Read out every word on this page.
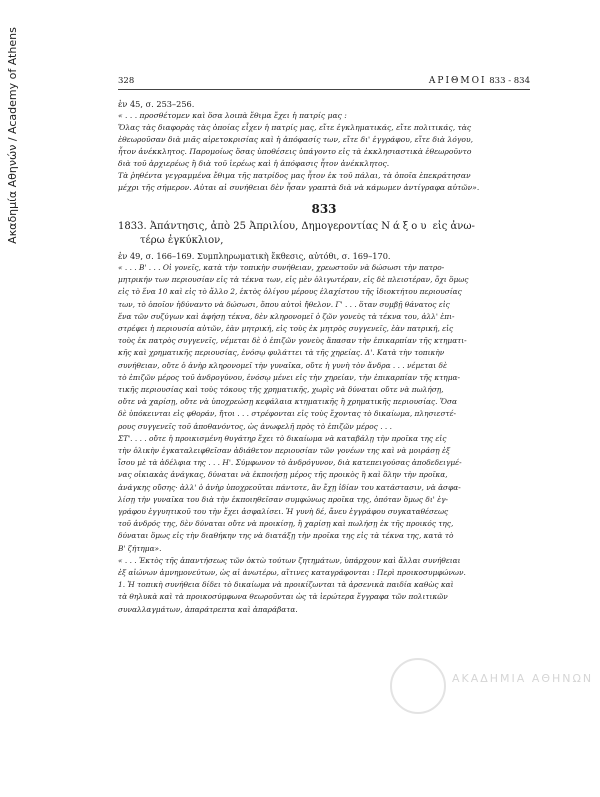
Ακαδημία Αθηνών / Academy of Athens	328	ΑΡΙΘΜΟΙ 833 - 834
ἐν 45, σ. 253–256.

« . . . προσθέτομεν καὶ ὅσα λοιπὰ ἔθιμα ἔχει ἡ πατρίς μας :

Ὅλας τὰς διαφορὰς τὰς ὁποίας εἶχεν ἡ πατρίς μας, εἴτε ἐγκληματικάς, εἴτε πολιτικάς, τὰς

ἐθεωροῦσαν διὰ μιᾶς αἱρετοκρισίας καὶ ἡ ἀπόφασίς των, εἴτε δι' ἐγγράφου, εἴτε διὰ λόγου,

ἦτον ἀνέκκλητος. Παρομοίως ὅσας ὑποθέσεις ὑπάγοντο εἰς τὰ ἐκκλησιαστικὰ ἐθεωροῦντο

διὰ τοῦ ἀρχιερέως ἢ διὰ τοῦ ἱερέως καὶ ἡ ἀπόφασις ἦτον ἀνέκκλητος.

Τὰ ῥηθέντα γεγραμμένα ἔθιμα τῆς πατρίδος μας ἦτον ἐκ τοῦ πάλαι, τὰ ὁποῖα ἐπεκράτησαν

μέχρι τῆς σήμερον. Αὐται αἱ συνήθειαι δὲν ἦσαν γραπτὰ διὰ νὰ κάμωμεν ἀντίγραφα αὐτῶν».

833

1833. Ἀπάντησις, ἀπὸ 25 Ἀπριλίου, Δημογεροντίας Νάξου εἰς ἀνω-

τέρω ἐγκύκλιον,

ἐν 49, σ. 166–169. Συμπληρωματικὴ ἔκθεσις, αὐτόθι, σ. 169–170.

« . . . Β' . . . Οἱ γονεῖς, κατὰ τὴν τοπικὴν συνήθειαν, χρεωστοῦν νὰ δώσωσι τὴν πατρο-

μητρικήν των περιουσίαν εἰς τὰ τέκνα των, εἰς μὲν ὀλιγωτέραν, εἰς δὲ πλειοτέραν, ὄχι ὅμως

εἰς τὸ ἕνα 10 καὶ εἰς τὸ ἄλλο 2, ἐκτὸς ὀλίγου μέρους ἐλαχίστου τῆς ἰδιοκτήτου περιουσίας

των, τὸ ὁποῖον ἠδύναντο νὰ δώσωσι, ὅπου αὐτοὶ ἤθελον. Γ' . . . ὅταν συμβῇ θάνατος εἰς

ἕνα τῶν συζύγων καὶ ἀφήσῃ τέκνα, δὲν κληρονομεῖ ὁ ζῶν γονεὺς τὰ τέκνα του, ἀλλ' ἐπι-

στρέφει ἡ περιουσία αὐτῶν, ἐὰν μητρική, εἰς τοὺς ἐκ μητρὸς συγγενεῖς, ἐὰν πατρική, εἰς

τοὺς ἐκ πατρὸς συγγενεῖς, νέμεται δὲ ὁ ἐπιζῶν γονεὺς ἅπασαν τὴν ἐπικαρπίαν τῆς κτηματι-

κῆς καὶ χρηματικῆς περιουσίας, ἐνόσῳ φυλάττει τὰ τῆς χηρείας. Δ'. Κατὰ τὴν τοπικὴν

συνήθειαν, οὔτε ὁ ἀνὴρ κληρονομεῖ τὴν γυναῖκα, οὔτε ἡ γυνὴ τὸν ἄνδρα . . . νέμεται δὲ

τὸ ἐπιζῶν μέρος τοῦ ἀνδρογύνου, ἐνόσῳ μένει εἰς τὴν χηρείαν, τὴν ἐπικαρπίαν τῆς κτημα-

τικῆς περιουσίας καὶ τοὺς τόκους τῆς χρηματικῆς, χωρὶς νὰ δύναται οὔτε νὰ πωλήσῃ,

οὔτε νὰ χαρίσῃ, οὔτε νὰ ὑποχρεώσῃ κεφάλαια κτηματικῆς ἢ χρηματικῆς περιουσίας. Ὅσα

δὲ ὑπόκεινται εἰς φθοράν, ἤτοι . . . στρέφονται εἰς τοὺς ἔχοντας τὸ δικαίωμα, πλησιεστέ-

ρους συγγενεῖς τοῦ ἀποθανόντος, ὡς ἀνωφελῆ πρὸς τὸ ἐπιζῶν μέρος . . .

ΣΤ'. . . . οὔτε ἡ προικισμένη θυγάτηρ ἔχει τὸ δικαίωμα νὰ καταβάλῃ τὴν προῖκα της εἰς

τὴν ὁλικὴν ἐγκαταλειφθεῖσαν ἀδιάθετον περιουσίαν τῶν γονέων της καὶ νὰ μοιράσῃ ἐξ

ἴσου μὲ τὰ ἀδέλφια της . . . Η'. Σύμφωνον τὸ ἀνδρόγυνον, διὰ κατεπειγούσας ἀποδεδειγμέ-

νας οἰκιακὰς ἀνάγκας, δύναται νὰ ἐκποιήσῃ μέρος τῆς προικὸς ἢ καὶ ὅλην τὴν προῖκα,

ἀνάγκης οὔσης· ἀλλ' ὁ ἀνὴρ ὑποχρεοῦται πάντοτε, ἂν ἔχῃ ἰδίαν του κατάστασιν, νὰ ἀσφα-

λίσῃ τὴν γυναῖκα του διὰ τὴν ἐκποιηθεῖσαν συμφώνως προῖκα της, ὁπόταν ὅμως δι' ἐγ-

γράφου ἐγγυητικοῦ του τὴν ἔχει ἀσφαλίσει. Ἡ γυνὴ δέ, ἄνευ ἐγγράφου συγκαταθέσεως

τοῦ ἀνδρός της, δὲν δύναται οὔτε νὰ προικίσῃ, ἢ χαρίσῃ καὶ πωλήσῃ ἐκ τῆς προικός της,

δύναται ὅμως εἰς τὴν διαθήκην της νὰ διατάξῃ τὴν προῖκα της εἰς τὰ τέκνα της, κατὰ τὸ

Β' ζήτημα».

« . . . Ἐκτὸς τῆς ἀπαντήσεως τῶν ὀκτὼ τούτων ζητημάτων, ὑπάρχουν καὶ ἄλλαι συνήθειαι

ἐξ αἰώνων ἀμνημονεύτων, ὡς αἱ ἀνωτέρω, αἵτινες καταγράφονται : Περὶ προικοσυμφώνων.

1. Ἡ τοπικὴ συνήθεια δίδει τὸ δικαίωμα νὰ προικίζωνται τὰ ἀρσενικὰ παιδία καθὼς καὶ

τὰ θηλυκὰ καὶ τὰ προικοσύμφωνα θεωροῦνται ὡς τὰ ἱερώτερα ἔγγραφα τῶν πολιτικῶν

συναλλαγμάτων, ἀπαράτρεπτα καὶ ἀπαράβατα.

ΑΚΑΔΗΜΙΑ ΑΘΗΝΩΝ
